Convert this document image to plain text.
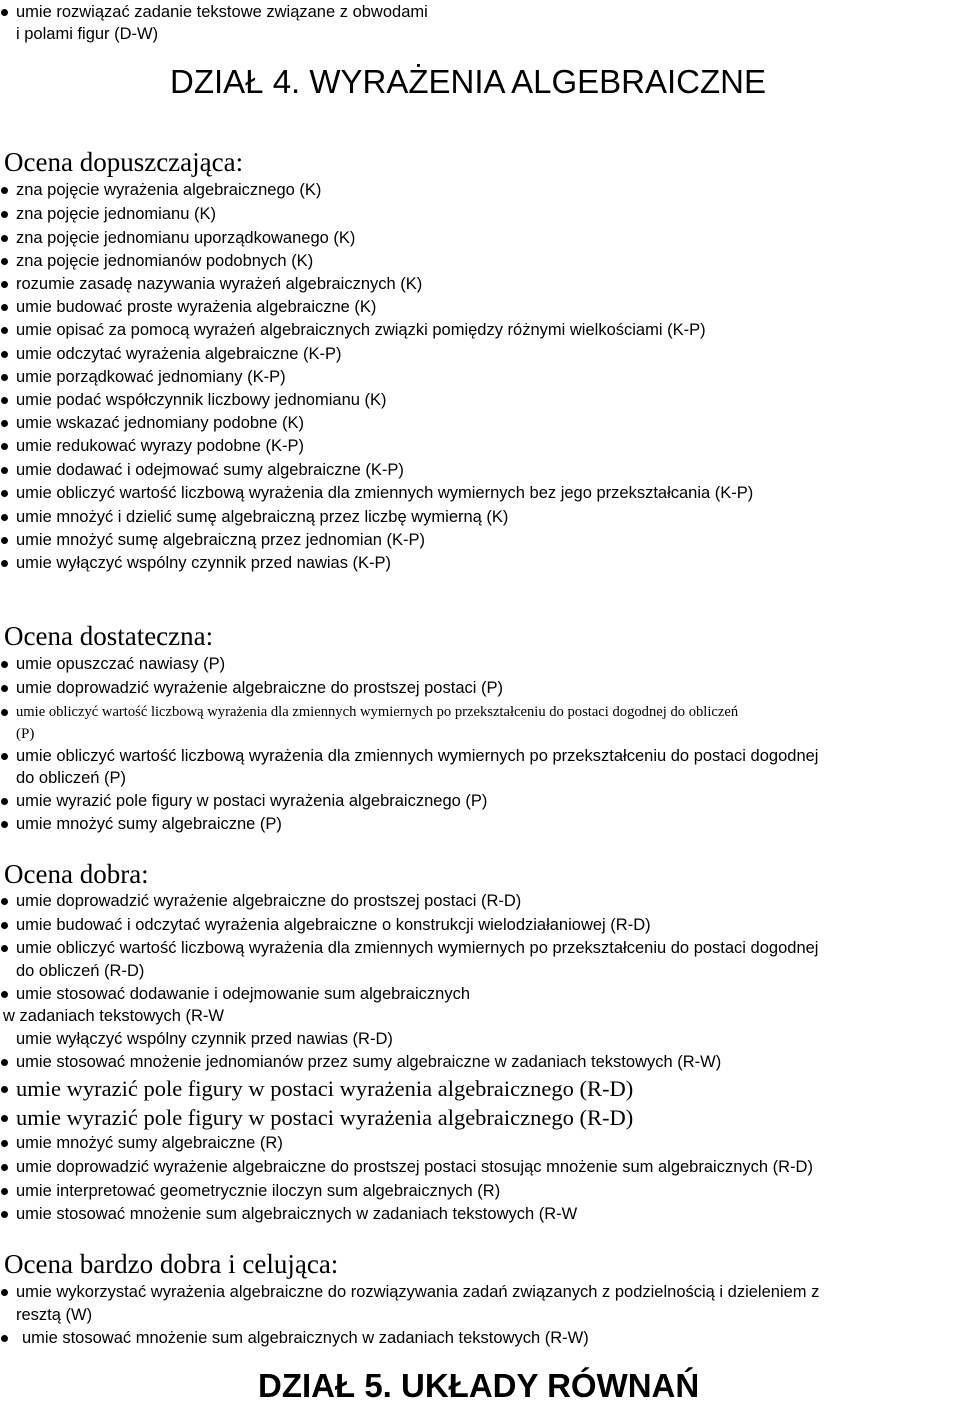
umie rozwiązać zadanie tekstowe związane z obwodami
i polami figur (D-W)
DZIAŁ 4. WYRAŻENIA ALGEBRAICZNE
Ocena dopuszczająca:
zna pojęcie wyrażenia algebraicznego (K)
zna pojęcie jednomianu (K)
zna pojęcie jednomianu uporządkowanego (K)
zna pojęcie jednomianów podobnych (K)
rozumie zasadę nazywania wyrażeń algebraicznych (K)
umie budować proste wyrażenia algebraiczne (K)
umie opisać za pomocą wyrażeń algebraicznych związki pomiędzy różnymi wielkościami (K-P)
umie odczytać wyrażenia algebraiczne (K-P)
umie porządkować jednomiany (K-P)
umie podać współczynnik liczbowy jednomianu (K)
umie wskazać jednomiany podobne (K)
umie redukować wyrazy podobne (K-P)
umie dodawać i odejmować sumy algebraiczne (K-P)
umie obliczyć wartość liczbową wyrażenia dla zmiennych wymiernych bez jego przekształcania (K-P)
umie mnożyć i dzielić sumę algebraiczną przez liczbę wymierną (K)
umie mnożyć sumę algebraiczną przez jednomian (K-P)
umie wyłączyć wspólny czynnik przed nawias (K-P)
Ocena dostateczna:
umie opuszczać nawiasy (P)
umie doprowadzić wyrażenie algebraiczne do prostszej postaci (P)
umie obliczyć wartość liczbową wyrażenia dla zmiennych wymiernych po przekształceniu do postaci dogodnej do obliczeń
(P)
umie obliczyć wartość liczbową wyrażenia dla zmiennych wymiernych po przekształceniu do postaci dogodnej
do obliczeń (P)
umie wyrazić pole figury w postaci wyrażenia algebraicznego (P)
umie mnożyć sumy algebraiczne (P)
Ocena dobra:
umie doprowadzić wyrażenie algebraiczne do prostszej postaci (R-D)
umie budować i odczytać wyrażenia algebraiczne o konstrukcji wielodziałaniowej (R-D)
umie obliczyć wartość liczbową wyrażenia dla zmiennych wymiernych po przekształceniu do postaci dogodnej
do obliczeń (R-D)
umie stosować dodawanie i odejmowanie sum algebraicznych
w zadaniach tekstowych (R-W
umie wyłączyć wspólny czynnik przed nawias (R-D)
umie stosować mnożenie jednomianów przez sumy algebraiczne w zadaniach tekstowych (R-W)
umie wyrazić pole figury w postaci wyrażenia algebraicznego (R-D)
umie wyrazić pole figury w postaci wyrażenia algebraicznego (R-D)
umie mnożyć sumy algebraiczne (R)
umie doprowadzić wyrażenie algebraiczne do prostszej postaci stosując mnożenie sum algebraicznych (R-D)
umie interpretować geometrycznie iloczyn sum algebraicznych (R)
umie stosować mnożenie sum algebraicznych w zadaniach tekstowych (R-W
Ocena bardzo dobra i celująca:
umie wykorzystać wyrażenia algebraiczne do rozwiązywania zadań związanych z podzielnością i dzieleniem z
resztą (W)
umie stosować mnożenie sum algebraicznych w zadaniach tekstowych (R-W)
DZIAŁ 5. UKŁADY RÓWNAŃ
